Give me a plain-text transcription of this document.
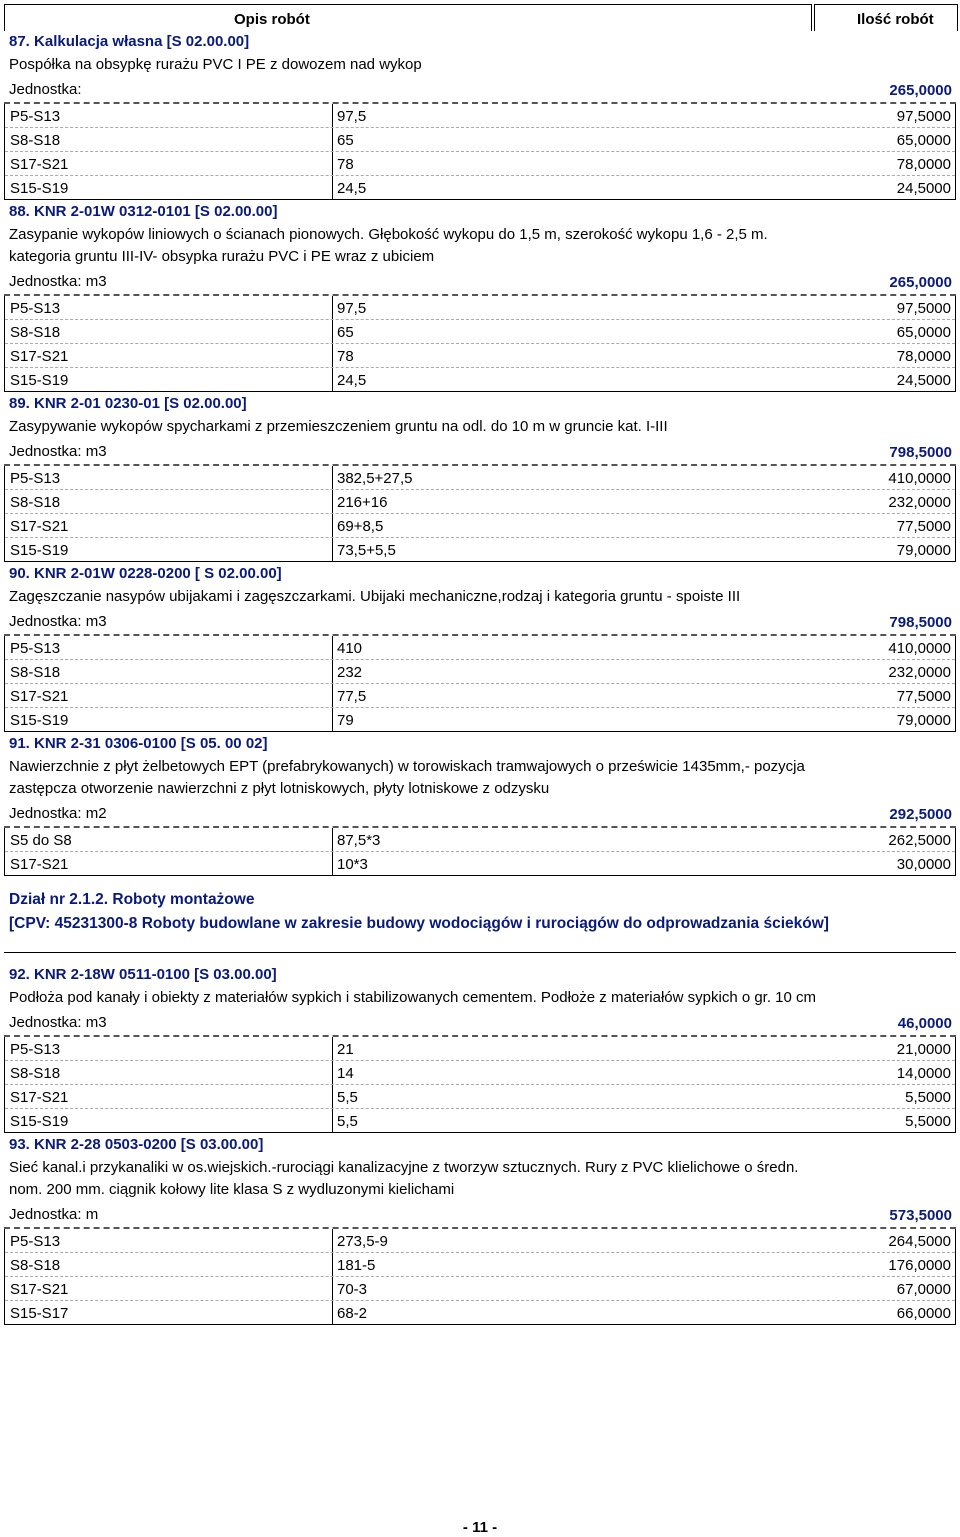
Opis robót	Ilość robót
87. Kalkulacja własna [S 02.00.00]
Pospółka na obsypkę rurażu PVC I PE z dowozem nad wykop
Jednostka:	265,0000
P5-S13	97,5	97,5000
S8-S18	65	65,0000
S17-S21	78	78,0000
S15-S19	24,5	24,5000
88. KNR 2-01W 0312-0101 [S 02.00.00]
Zasypanie wykopów liniowych o ścianach pionowych. Głębokość wykopu do 1,5 m, szerokość wykopu 1,6 - 2,5 m.
kategoria gruntu III-IV- obsypka rurażu PVC i PE wraz z ubiciem
Jednostka: m3	265,0000
P5-S13	97,5	97,5000
S8-S18	65	65,0000
S17-S21	78	78,0000
S15-S19	24,5	24,5000
89. KNR 2-01 0230-01 [S 02.00.00]
Zasypywanie wykopów spycharkami z przemieszczeniem gruntu na odl. do 10 m w gruncie kat. I-III
Jednostka: m3	798,5000
P5-S13	382,5+27,5	410,0000
S8-S18	216+16	232,0000
S17-S21	69+8,5	77,5000
S15-S19	73,5+5,5	79,0000
90. KNR 2-01W 0228-0200 [ S 02.00.00]
Zagęszczanie nasypów ubijakami i zagęszczarkami. Ubijaki mechaniczne,rodzaj i kategoria gruntu - spoiste III
Jednostka: m3	798,5000
P5-S13	410	410,0000
S8-S18	232	232,0000
S17-S21	77,5	77,5000
S15-S19	79	79,0000
91. KNR 2-31 0306-0100 [S 05. 00 02]
Nawierzchnie z płyt żelbetowych EPT (prefabrykowanych) w torowiskach tramwajowych o prześwicie 1435mm,- pozycja
zastępcza otworzenie nawierzchni z płyt lotniskowych, płyty lotniskowe z odzysku
Jednostka: m2	292,5000
S5 do S8	87,5*3	262,5000
S17-S21	10*3	30,0000
Dział nr 2.1.2. Roboty montażowe
[CPV: 45231300-8 Roboty budowlane w zakresie budowy wodociągów i rurociągów do odprowadzania ścieków]
92. KNR 2-18W 0511-0100 [S 03.00.00]
Podłoża pod kanały i obiekty z materiałów sypkich i stabilizowanych cementem. Podłoże z materiałów sypkich o gr. 10 cm
Jednostka: m3	46,0000
P5-S13	21	21,0000
S8-S18	14	14,0000
S17-S21	5,5	5,5000
S15-S19	5,5	5,5000
93. KNR 2-28 0503-0200 [S 03.00.00]
Sieć kanal.i przykanaliki w os.wiejskich.-rurociągi kanalizacyjne z tworzyw sztucznych. Rury z PVC klielichowe o średn.
nom. 200 mm. ciągnik kołowy lite klasa S z wydluzonymi kielichami
Jednostka: m	573,5000
P5-S13	273,5-9	264,5000
S8-S18	181-5	176,0000
S17-S21	70-3	67,0000
S15-S17	68-2	66,0000
- 11 -
